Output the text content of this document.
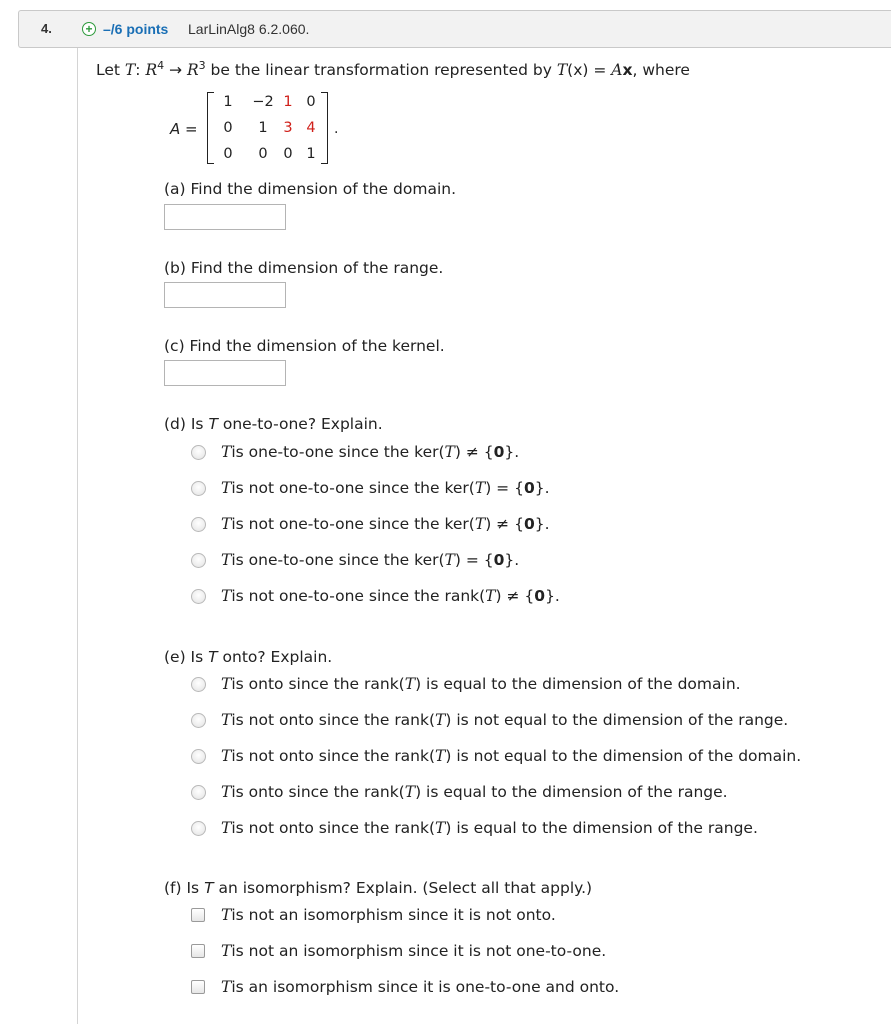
4.	+ –/6 points LarLinAlg8 6.2.060.
Let T: $R^4 \to R^3$ be the linear transformation represented by T(x) = Ax, where
A =
1	−2 1 0
0	1	3 4
0	0	0 1
.
(a) Find the dimension of the domain.
(b) Find the dimension of the range.
(c) Find the dimension of the kernel.
(d) Is T one-to-one? Explain.
T is one-to-one since the ker( T ) ≠ {0}.
T is not one-to-one since the ker( T ) = {0}.
T is not one-to-one since the ker( T ) ≠ {0}.
T is one-to-one since the ker( T ) = {0}.
T is not one-to-one since the rank( T ) ≠ {0}.
(e) Is T onto? Explain.
T is onto since the rank( T ) is equal to the dimension of the domain.
T is not onto since the rank( T ) is not equal to the dimension of the range.
T is not onto since the rank( T ) is not equal to the dimension of the domain.
T is onto since the rank( T ) is equal to the dimension of the range.
T is not onto since the rank( T ) is equal to the dimension of the range.
(f) Is T an isomorphism? Explain. (Select all that apply.)
T is not an isomorphism since it is not onto.
T is not an isomorphism since it is not one-to-one.
T is an isomorphism since it is one-to-one and onto.
